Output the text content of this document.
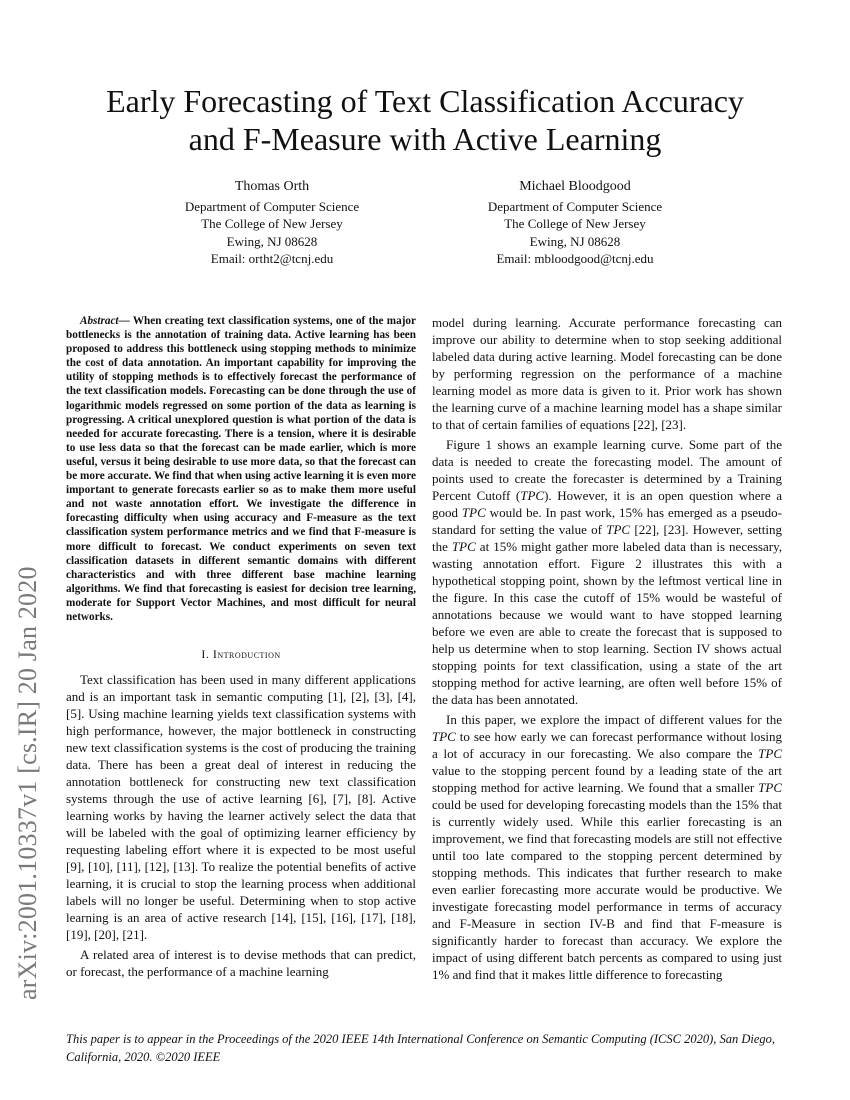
Early Forecasting of Text Classification Accuracy
and F-Measure with Active Learning
Thomas Orth
Department of Computer Science
The College of New Jersey
Ewing, NJ 08628
Email: ortht2@tcnj.edu
Michael Bloodgood
Department of Computer Science
The College of New Jersey
Ewing, NJ 08628
Email: mbloodgood@tcnj.edu
arXiv:2001.10337v1 [cs.IR] 20 Jan 2020

Abstract— When creating text classification systems, one of the major bottlenecks is the annotation of training data. Active learning has been proposed to address this bottleneck using stopping methods to minimize the cost of data annotation. An important capability for improving the utility of stopping methods is to effectively forecast the performance of the text classification models. Forecasting can be done through the use of logarithmic models regressed on some portion of the data as learning is progressing. A critical unexplored question is what portion of the data is needed for accurate forecasting. There is a tension, where it is desirable to use less data so that the forecast can be made earlier, which is more useful, versus it being desirable to use more data, so that the forecast can be more accurate. We find that when using active learning it is even more important to generate forecasts earlier so as to make them more useful and not waste annotation effort. We investigate the difference in forecasting difficulty when using accuracy and F-measure as the text classification system performance metrics and we find that F-measure is more difficult to forecast. We conduct experiments on seven text classification datasets in different semantic domains with different characteristics and with three different base machine learning algorithms. We find that forecasting is easiest for decision tree learning, moderate for Support Vector Machines, and most difficult for neural networks.

I. Introduction

Text classification has been used in many different applications and is an important task in semantic computing [1], [2], [3], [4], [5]. Using machine learning yields text classification systems with high performance, however, the major bottleneck in constructing new text classification systems is the cost of producing the training data. There has been a great deal of interest in reducing the annotation bottleneck for constructing new text classification systems through the use of active learning [6], [7], [8]. Active learning works by having the learner actively select the data that will be labeled with the goal of optimizing learner efficiency by requesting labeling effort where it is expected to be most useful [9], [10], [11], [12], [13]. To realize the potential benefits of active learning, it is crucial to stop the learning process when additional labels will no longer be useful. Determining when to stop active learning is an area of active research [14], [15], [16], [17], [18], [19], [20], [21].

A related area of interest is to devise methods that can predict, or forecast, the performance of a machine learning

model during learning. Accurate performance forecasting can improve our ability to determine when to stop seeking additional labeled data during active learning. Model forecasting can be done by performing regression on the performance of a machine learning model as more data is given to it. Prior work has shown the learning curve of a machine learning model has a shape similar to that of certain families of equations [22], [23].

Figure 1 shows an example learning curve. Some part of the data is needed to create the forecasting model. The amount of points used to create the forecaster is determined by a Training Percent Cutoff (TPC). However, it is an open question where a good TPC would be. In past work, 15% has emerged as a pseudo-standard for setting the value of TPC [22], [23]. However, setting the TPC at 15% might gather more labeled data than is necessary, wasting annotation effort. Figure 2 illustrates this with a hypothetical stopping point, shown by the leftmost vertical line in the figure. In this case the cutoff of 15% would be wasteful of annotations because we would want to have stopped learning before we even are able to create the forecast that is supposed to help us determine when to stop learning. Section IV shows actual stopping points for text classification, using a state of the art stopping method for active learning, are often well before 15% of the data has been annotated.

In this paper, we explore the impact of different values for the TPC to see how early we can forecast performance without losing a lot of accuracy in our forecasting. We also compare the TPC value to the stopping percent found by a leading state of the art stopping method for active learning. We found that a smaller TPC could be used for developing forecasting models than the 15% that is currently widely used. While this earlier forecasting is an improvement, we find that forecasting models are still not effective until too late compared to the stopping percent determined by stopping methods. This indicates that further research to make even earlier forecasting more accurate would be productive. We investigate forecasting model performance in terms of accuracy and F-Measure in section IV-B and find that F-measure is significantly harder to forecast than accuracy. We explore the impact of using different batch percents as compared to using just 1% and find that it makes little difference to forecasting

This paper is to appear in the Proceedings of the 2020 IEEE 14th International Conference on Semantic Computing (ICSC 2020), San Diego, California, 2020. ©2020 IEEE
